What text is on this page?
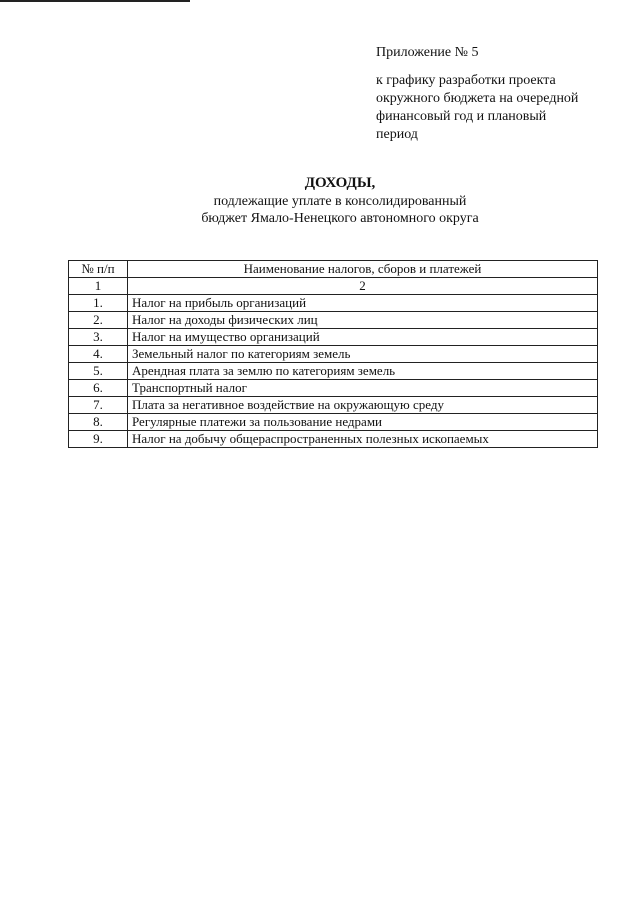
Приложение № 5
к графику разработки проекта
окружного бюджета на очередной
финансовый год и плановый
период
ДОХОДЫ,
подлежащие уплате в консолидированный
бюджет Ямало-Ненецкого автономного округа
№ п/п	Наименование налогов, сборов и платежей
1	2
1.	Налог на прибыль организаций
2.	Налог на доходы физических лиц
3.	Налог на имущество организаций
4.	Земельный налог по категориям земель
5.	Арендная плата за землю по категориям земель
6.	Транспортный налог
7.	Плата за негативное воздействие на окружающую среду
8.	Регулярные платежи за пользование недрами
9.	Налог на добычу общераспространенных полезных ископаемых
